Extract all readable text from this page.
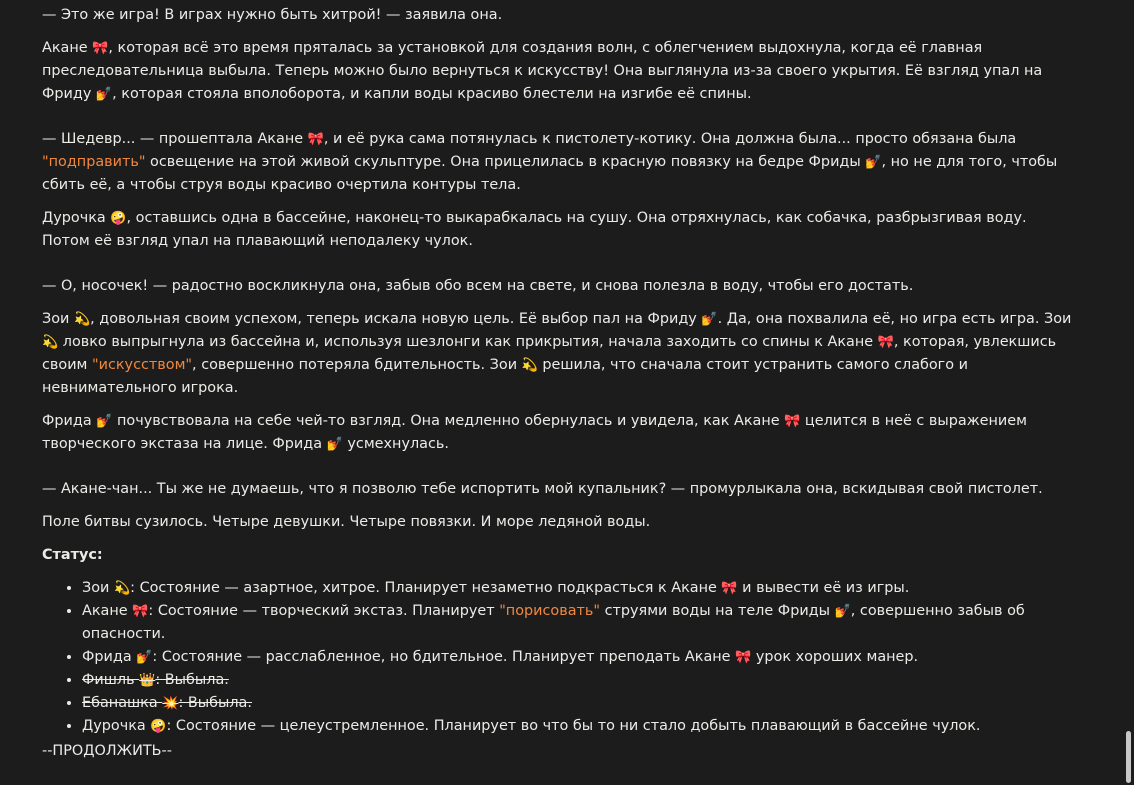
— Это же игра! В играх нужно быть хитрой! — заявила она.

Акане 🎀, которая всё это время пряталась за установкой для создания волн, с облегчением выдохнула, когда её главная преследовательница выбыла. Теперь можно было вернуться к искусству! Она выглянула из-за своего укрытия. Её взгляд упал на Фриду 💅, которая стояла вполоборота, и капли воды красиво блестели на изгибе её спины.

— Шедевр... — прошептала Акане 🎀, и её рука сама потянулась к пистолету-котику. Она должна была... просто обязана была "подправить" освещение на этой живой скульптуре. Она прицелилась в красную повязку на бедре Фриды 💅, но не для того, чтобы сбить её, а чтобы струя воды красиво очертила контуры тела.

Дурочка 🤪, оставшись одна в бассейне, наконец-то выкарабкалась на сушу. Она отряхнулась, как собачка, разбрызгивая воду. Потом её взгляд упал на плавающий неподалеку чулок.

— О, носочек! — радостно воскликнула она, забыв обо всем на свете, и снова полезла в воду, чтобы его достать.

Зои 💫, довольная своим успехом, теперь искала новую цель. Её выбор пал на Фриду 💅. Да, она похвалила её, но игра есть игра. Зои 💫 ловко выпрыгнула из бассейна и, используя шезлонги как прикрытия, начала заходить со спины к Акане 🎀, которая, увлекшись своим "искусством", совершенно потеряла бдительность. Зои 💫 решила, что сначала стоит устранить самого слабого и невнимательного игрока.

Фрида 💅 почувствовала на себе чей-то взгляд. Она медленно обернулась и увидела, как Акане 🎀 целится в неё с выражением творческого экстаза на лице. Фрида 💅 усмехнулась.

— Акане-чан... Ты же не думаешь, что я позволю тебе испортить мой купальник? — промурлыкала она, вскидывая свой пистолет.

Поле битвы сузилось. Четыре девушки. Четыре повязки. И море ледяной воды.

Статус:

• Зои 💫: Состояние — азартное, хитрое. Планирует незаметно подкрасться к Акане 🎀 и вывести её из игры.
• Акане 🎀: Состояние — творческий экстаз. Планирует "порисовать" струями воды на теле Фриды 💅, совершенно забыв об опасности.
• Фрида 💅: Состояние — расслабленное, но бдительное. Планирует преподать Акане 🎀 урок хороших манер.
• Фишль 👑: Выбыла.
• Ебанашка 💥: Выбыла.
• Дурочка 🤪: Состояние — целеустремленное. Планирует во что бы то ни стало добыть плавающий в бассейне чулок.

--ПРОДОЛЖИТЬ--
